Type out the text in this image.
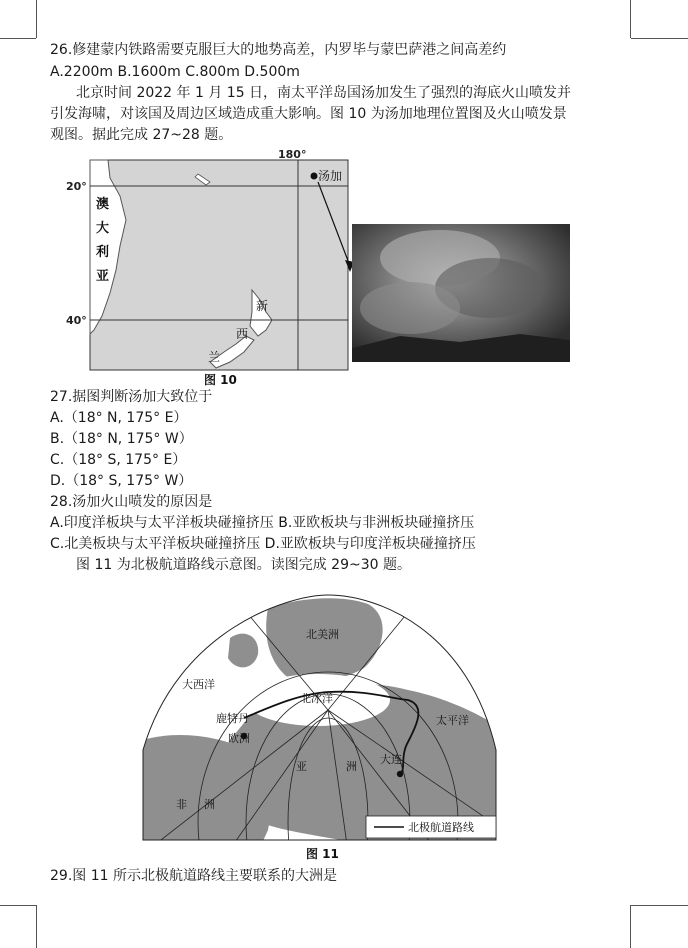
26.修建蒙内铁路需要克服巨大的地势高差，内罗毕与蒙巴萨港之间高差约
A.2200m B.1600m C.800m D.500m
北京时间 2022 年 1 月 15 日，南太平洋岛国汤加发生了强烈的海底火山喷发并
引发海啸，对该国及周边区域造成重大影响。图 10 为汤加地理位置图及火山喷发景
观图。据此完成 27~28 题。
180°
20°
40°
汤加
澳
大
利
亚
新
西
兰
图 10
27.据图判断汤加大致位于
A.（18° N, 175° E）
B.（18° N, 175° W）
C.（18° S, 175° E）
D.（18° S, 175° W）
28.汤加火山喷发的原因是
A.印度洋板块与太平洋板块碰撞挤压 B.亚欧板块与非洲板块碰撞挤压
C.北美板块与太平洋板块碰撞挤压 D.亚欧板块与印度洋板块碰撞挤压
图 11 为北极航道路线示意图。读图完成 29~30 题。
北美洲
大西洋
北冰洋
鹿特丹
欧洲
太平洋
大连
亚	洲
非 洲
北极航道路线
图 11
29.图 11 所示北极航道路线主要联系的大洲是
